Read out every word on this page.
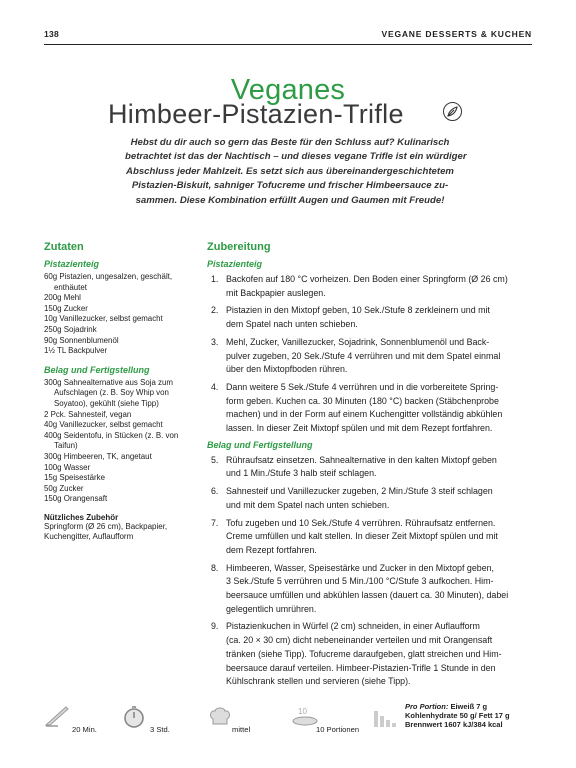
138	VEGANE DESSERTS & KUCHEN
Veganes
Himbeer-Pistazien-Trifle
Hebst du dir auch so gern das Beste für den Schluss auf? Kulinarisch
betrachtet ist das der Nachtisch – und dieses vegane Trifle ist ein würdiger
Abschluss jeder Mahlzeit. Es setzt sich aus übereinandergeschichtetem
Pistazien-Biskuit, sahniger Tofucreme und frischer Himbeersauce zu-
sammen. Diese Kombination erfüllt Augen und Gaumen mit Freude!
Zutaten
Pistazienteig
60g Pistazien, ungesalzen, geschält, enthäutet
200g Mehl
150g Zucker
10g Vanillezucker, selbst gemacht
250g Sojadrink
90g Sonnenblumenöl
1½ TL Backpulver
Belag und Fertigstellung
300g Sahnealternative aus Soja zum Aufschlagen (z. B. Soy Whip von Soyatoo), gekühlt (siehe Tipp)
2 Pck. Sahnesteif, vegan
40g Vanillezucker, selbst gemacht
400g Seidentofu, in Stücken (z. B. von Taifun)
300g Himbeeren, TK, angetaut
100g Wasser
15g Speisestärke
50g Zucker
150g Orangensaft
Nützliches Zubehör
Springform (Ø 26 cm), Backpapier, Kuchengitter, Auflaufform
Zubereitung
Pistazienteig
1. Backofen auf 180 °C vorheizen. Den Boden einer Springform (Ø 26 cm)
mit Backpapier auslegen.
2. Pistazien in den Mixtopf geben, 10 Sek./Stufe 8 zerkleinern und mit
dem Spatel nach unten schieben.
3. Mehl, Zucker, Vanillezucker, Sojadrink, Sonnenblumenöl und Back-
pulver zugeben, 20 Sek./Stufe 4 verrühren und mit dem Spatel einmal
über den Mixtopfboden rühren.
4. Dann weitere 5 Sek./Stufe 4 verrühren und in die vorbereitete Spring-
form geben. Kuchen ca. 30 Minuten (180 °C) backen (Stäbchenprobe
machen) und in der Form auf einem Kuchengitter vollständig abkühlen
lassen. In dieser Zeit Mixtopf spülen und mit dem Rezept fortfahren.
Belag und Fertigstellung
5. Rühraufsatz einsetzen. Sahnealternative in den kalten Mixtopf geben
und 1 Min./Stufe 3 halb steif schlagen.
6. Sahnesteif und Vanillezucker zugeben, 2 Min./Stufe 3 steif schlagen
und mit dem Spatel nach unten schieben.
7. Tofu zugeben und 10 Sek./Stufe 4 verrühren. Rühraufsatz entfernen.
Creme umfüllen und kalt stellen. In dieser Zeit Mixtopf spülen und mit
dem Rezept fortfahren.
8. Himbeeren, Wasser, Speisestärke und Zucker in den Mixtopf geben,
3 Sek./Stufe 5 verrühren und 5 Min./100 °C/Stufe 3 aufkochen. Him-
beersauce umfüllen und abkühlen lassen (dauert ca. 30 Minuten), dabei
gelegentlich umrühren.
9. Pistazienkuchen in Würfel (2 cm) schneiden, in einer Auflaufform
(ca. 20 × 30 cm) dicht nebeneinander verteilen und mit Orangensaft
tränken (siehe Tipp). Tofucreme daraufgeben, glatt streichen und Him-
beersauce darauf verteilen. Himbeer-Pistazien-Trifle 1 Stunde in den
Kühlschrank stellen und servieren (siehe Tipp).
20 Min.	3 Std.	mittel
10
10 Portionen
Pro Portion: Eiweiß 7 g
Kohlenhydrate 50 g/ Fett 17 g
Brennwert 1607 kJ/384 kcal
